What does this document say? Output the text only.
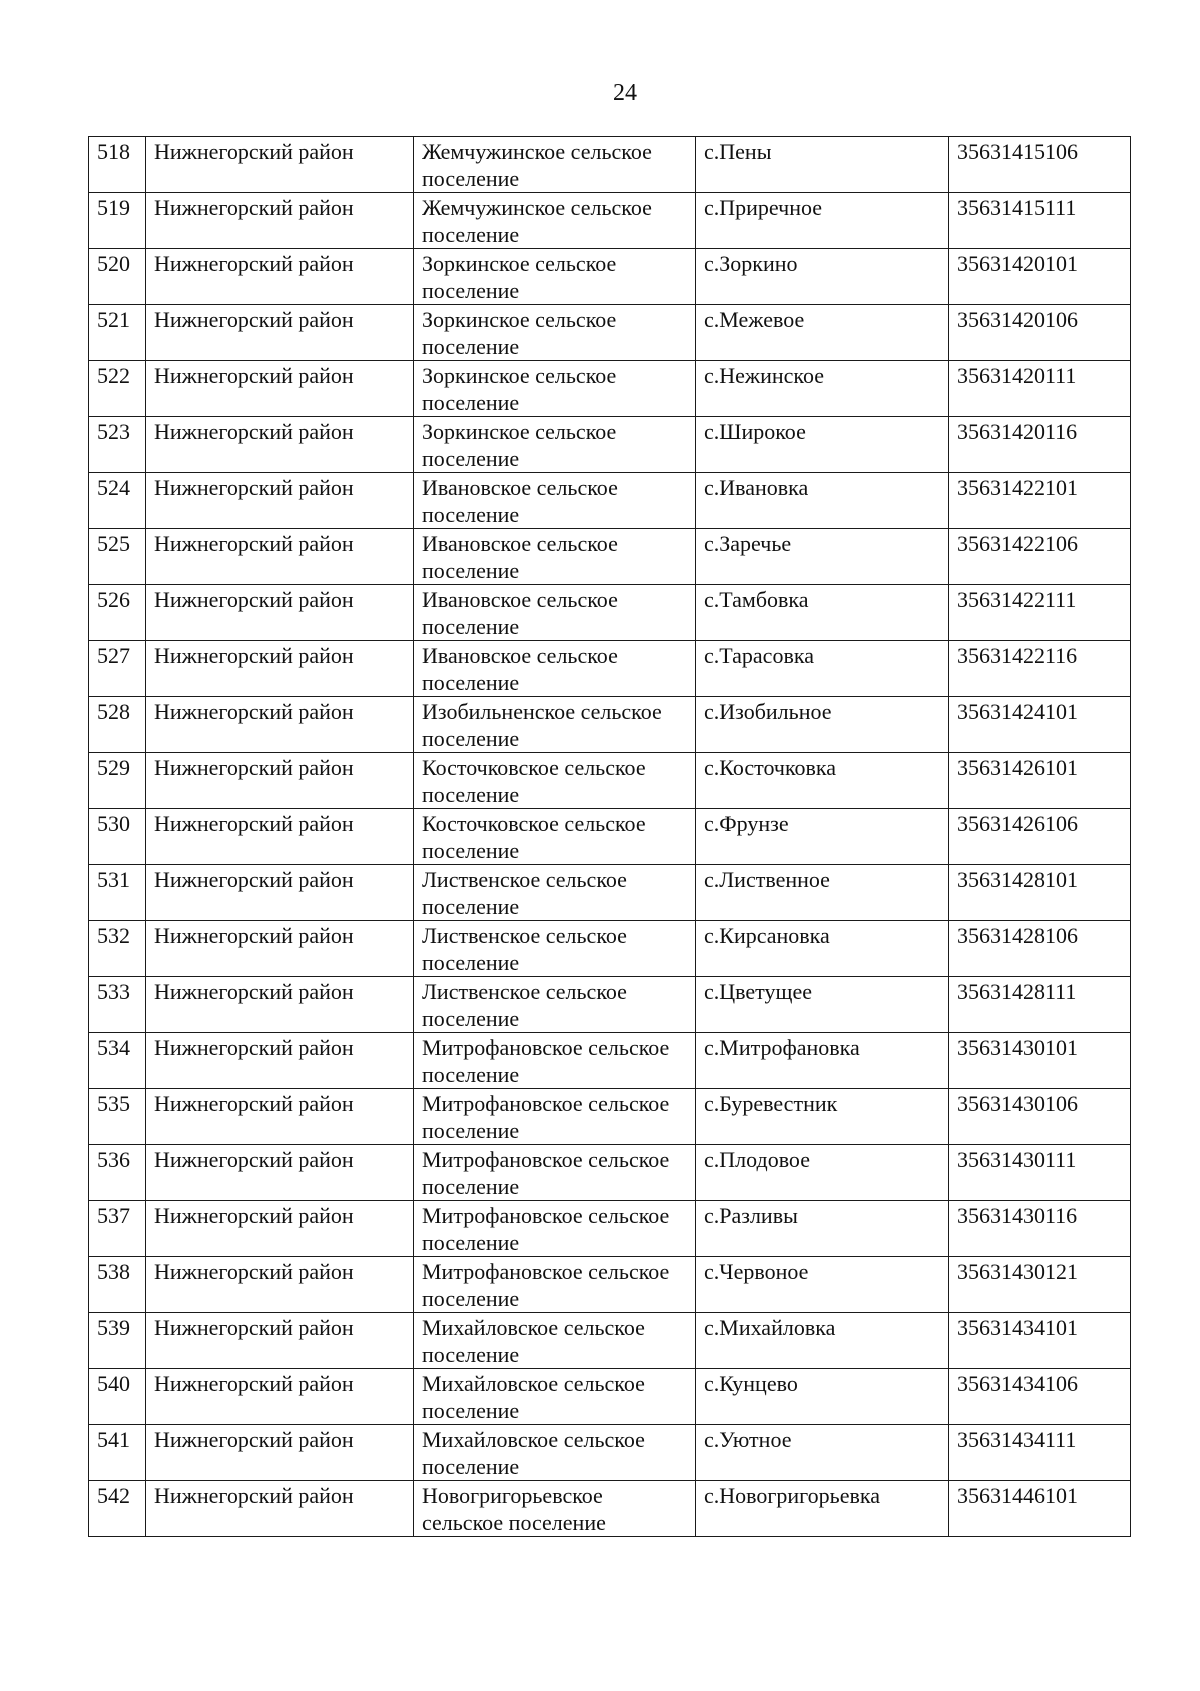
24
518	Нижнегорский район	Жемчужинское сельское поселение	с.Пены	35631415106
519	Нижнегорский район	Жемчужинское сельское поселение	с.Приречное	35631415111
520	Нижнегорский район	Зоркинское сельское поселение	с.Зоркино	35631420101
521	Нижнегорский район	Зоркинское сельское поселение	с.Межевое	35631420106
522	Нижнегорский район	Зоркинское сельское поселение	с.Нежинское	35631420111
523	Нижнегорский район	Зоркинское сельское поселение	с.Широкое	35631420116
524	Нижнегорский район	Ивановское сельское поселение	с.Ивановка	35631422101
525	Нижнегорский район	Ивановское сельское поселение	с.Заречье	35631422106
526	Нижнегорский район	Ивановское сельское поселение	с.Тамбовка	35631422111
527	Нижнегорский район	Ивановское сельское поселение	с.Тарасовка	35631422116
528	Нижнегорский район	Изобильненское сельское поселение	с.Изобильное	35631424101
529	Нижнегорский район	Косточковское сельское поселение	с.Косточковка	35631426101
530	Нижнегорский район	Косточковское сельское поселение	с.Фрунзе	35631426106
531	Нижнегорский район	Лиственское сельское поселение	с.Лиственное	35631428101
532	Нижнегорский район	Лиственское сельское поселение	с.Кирсановка	35631428106
533	Нижнегорский район	Лиственское сельское поселение	с.Цветущее	35631428111
534	Нижнегорский район	Митрофановское сельское поселение	с.Митрофановка	35631430101
535	Нижнегорский район	Митрофановское сельское поселение	с.Буревестник	35631430106
536	Нижнегорский район	Митрофановское сельское поселение	с.Плодовое	35631430111
537	Нижнегорский район	Митрофановское сельское поселение	с.Разливы	35631430116
538	Нижнегорский район	Митрофановское сельское поселение	с.Червоное	35631430121
539	Нижнегорский район	Михайловское сельское поселение	с.Михайловка	35631434101
540	Нижнегорский район	Михайловское сельское поселение	с.Кунцево	35631434106
541	Нижнегорский район	Михайловское сельское поселение	с.Уютное	35631434111
542	Нижнегорский район	Новогригорьевское сельское поселение	с.Новогригорьевка	35631446101
